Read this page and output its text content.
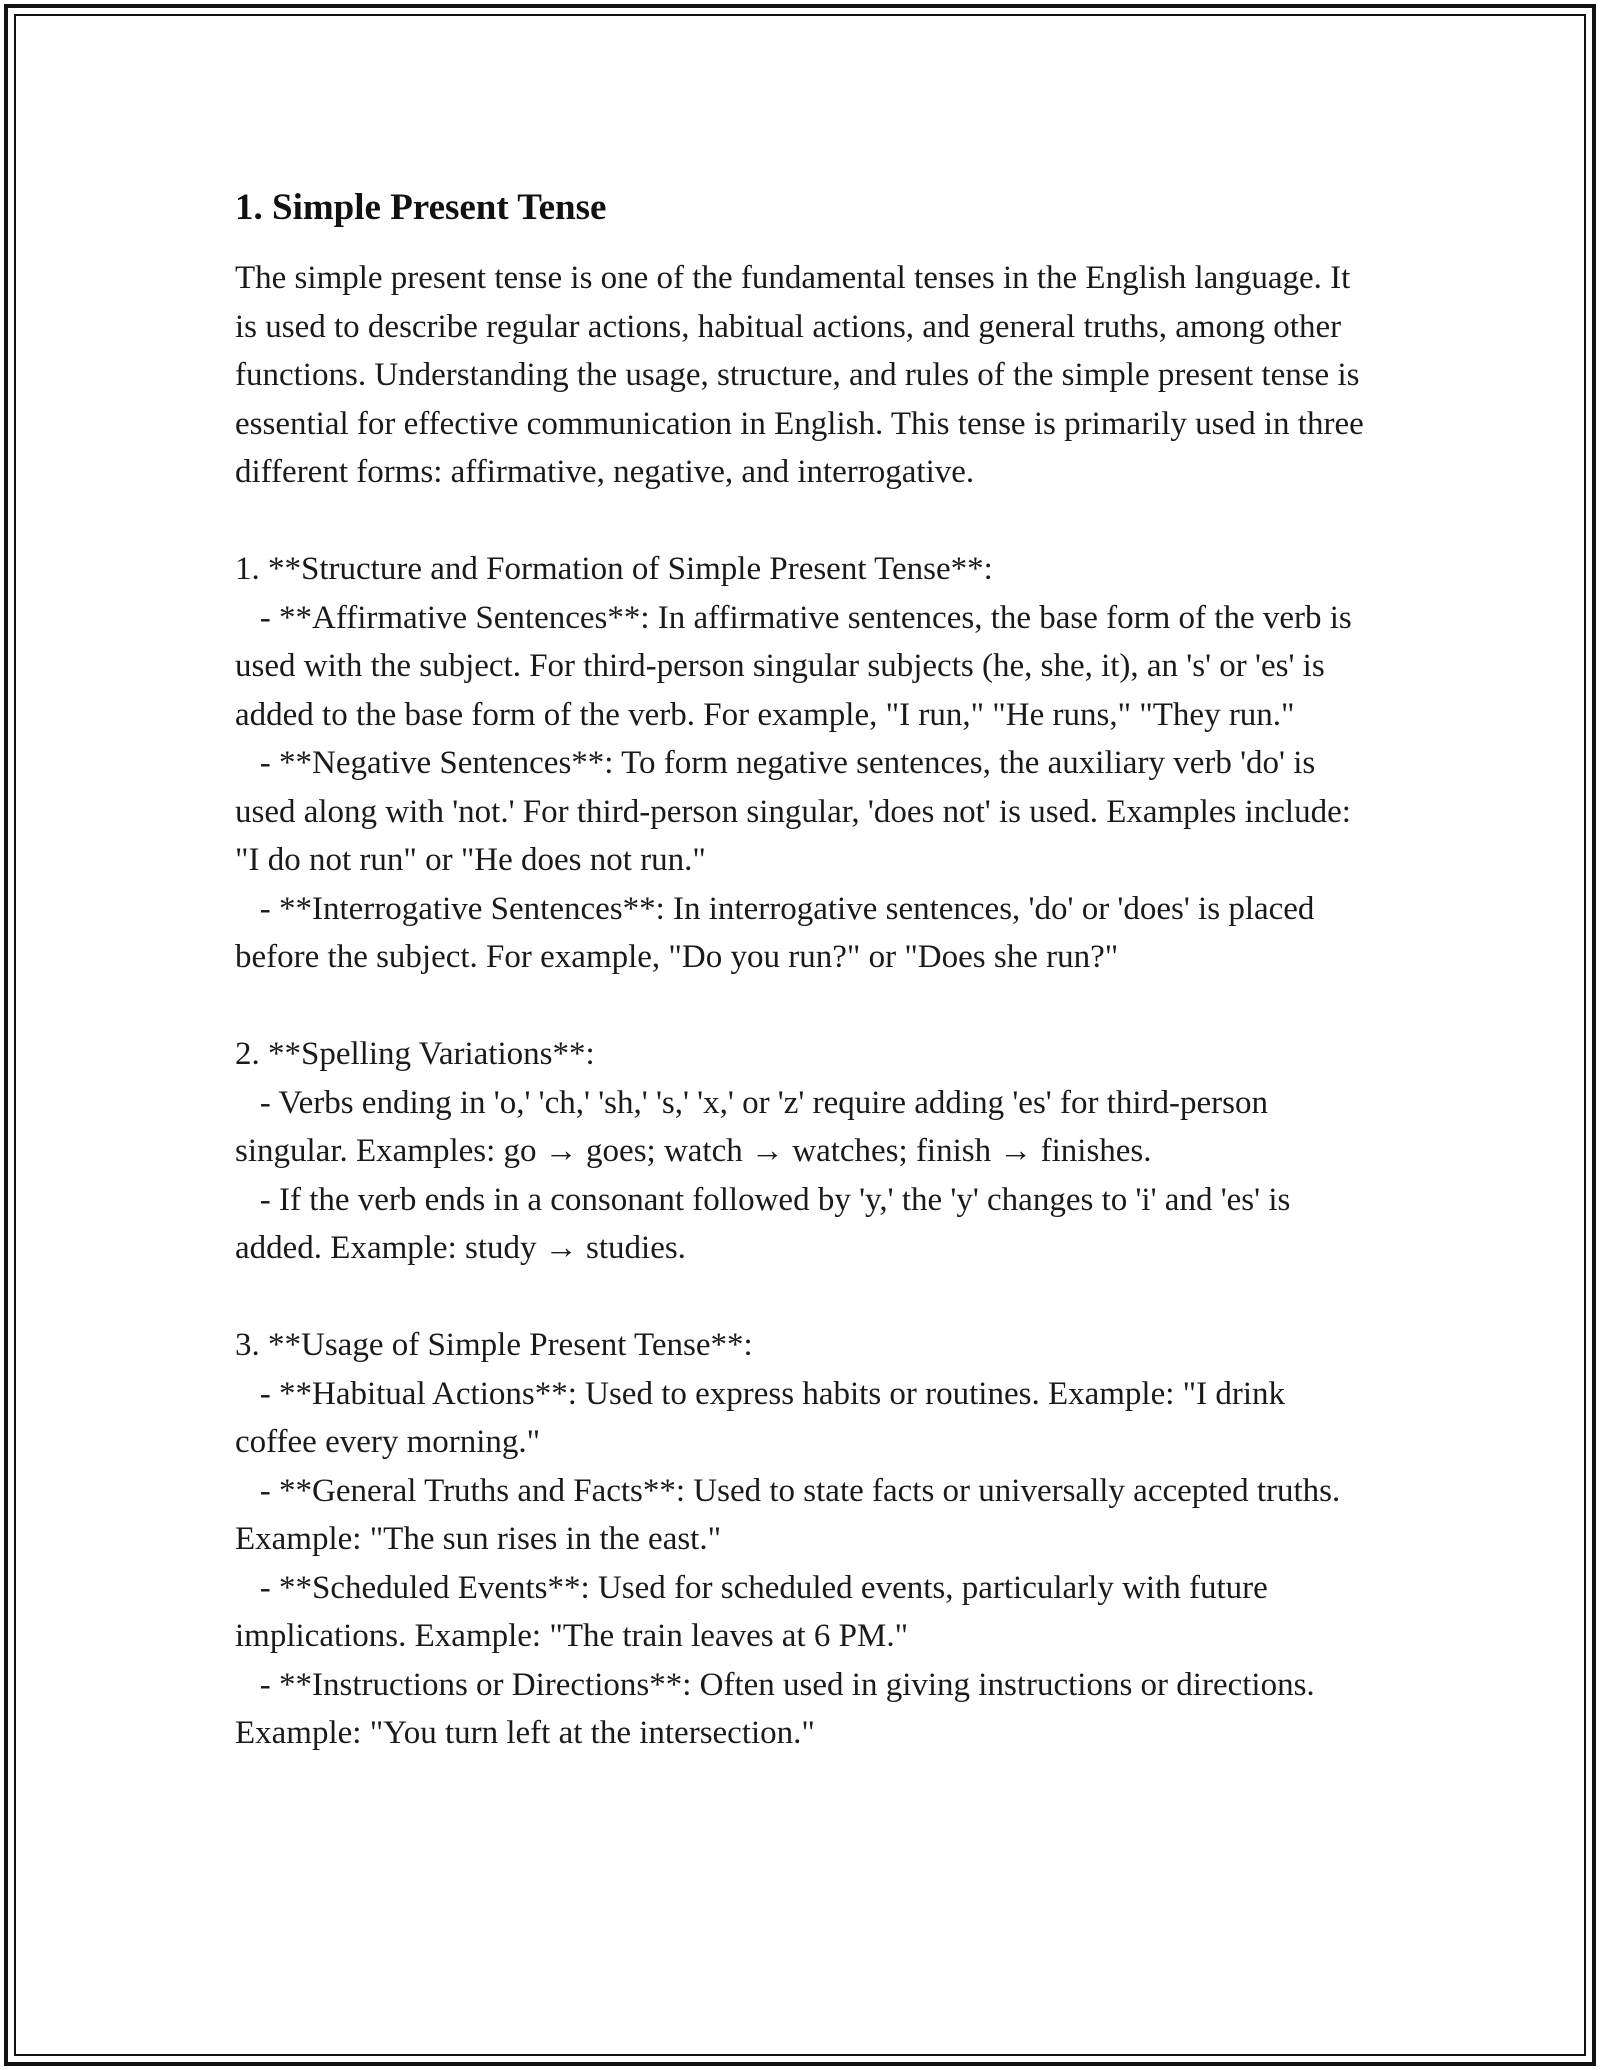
1. Simple Present Tense

The simple present tense is one of the fundamental tenses in the English language. It is used to describe regular actions, habitual actions, and general truths, among other functions. Understanding the usage, structure, and rules of the simple present tense is essential for effective communication in English. This tense is primarily used in three different forms: affirmative, negative, and interrogative.

1. **Structure and Formation of Simple Present Tense**:

- **Affirmative Sentences**: In affirmative sentences, the base form of the verb is used with the subject. For third-person singular subjects (he, she, it), an 's' or 'es' is added to the base form of the verb. For example, "I run," "He runs," "They run."

- **Negative Sentences**: To form negative sentences, the auxiliary verb 'do' is used along with 'not.' For third-person singular, 'does not' is used. Examples include: "I do not run" or "He does not run."

- **Interrogative Sentences**: In interrogative sentences, 'do' or 'does' is placed before the subject. For example, "Do you run?" or "Does she run?"

2. **Spelling Variations**:

- Verbs ending in 'o,' 'ch,' 'sh,' 's,' 'x,' or 'z' require adding 'es' for third-person singular. Examples: go → goes; watch → watches; finish → finishes.

- If the verb ends in a consonant followed by 'y,' the 'y' changes to 'i' and 'es' is added. Example: study → studies.

3. **Usage of Simple Present Tense**:

- **Habitual Actions**: Used to express habits or routines. Example: "I drink coffee every morning."

- **General Truths and Facts**: Used to state facts or universally accepted truths. Example: "The sun rises in the east."

- **Scheduled Events**: Used for scheduled events, particularly with future implications. Example: "The train leaves at 6 PM."

- **Instructions or Directions**: Often used in giving instructions or directions. Example: "You turn left at the intersection."
